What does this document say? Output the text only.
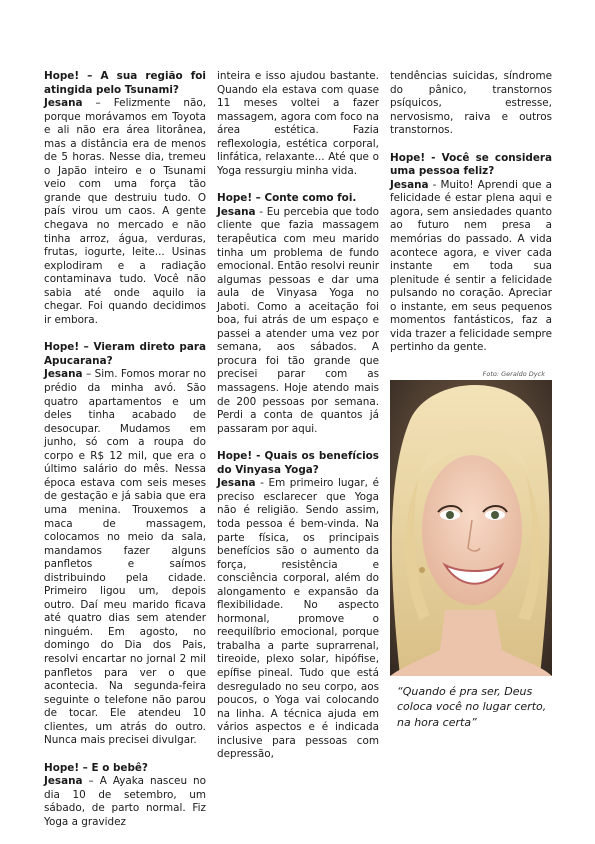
Hope! – A sua região foi atingida pelo Tsunami?

Jesana – Felizmente não, porque morávamos em Toyota e ali não era área litorânea, mas a distância era de menos de 5 horas. Nesse dia, tremeu o Japão inteiro e o Tsunami veio com uma força tão grande que destruiu tudo. O país virou um caos. A gente chegava no mercado e não tinha arroz, água, verduras, frutas, iogurte, leite... Usinas explodiram e a radiação contaminava tudo. Você não sabia até onde aquilo ia chegar. Foi quando decidimos ir embora.

Hope! – Vieram direto para Apucarana?

Jesana – Sim. Fomos morar no prédio da minha avó. São quatro apartamentos e um deles tinha acabado de desocupar. Mudamos em junho, só com a roupa do corpo e R$ 12 mil, que era o último salário do mês. Nessa época estava com seis meses de gestação e já sabia que era uma menina. Trouxemos a maca de massagem, colocamos no meio da sala, mandamos fazer alguns panfletos e saímos distribuindo pela cidade. Primeiro ligou um, depois outro. Daí meu marido ficava até quatro dias sem atender ninguém. Em agosto, no domingo do Dia dos Pais, resolvi encartar no jornal 2 mil panfletos para ver o que acontecia. Na segunda-feira seguinte o telefone não parou de tocar. Ele atendeu 10 clientes, um atrás do outro. Nunca mais precisei divulgar.

Hope! – E o bebê?

Jesana – A Ayaka nasceu no dia 10 de setembro, um sábado, de parto normal. Fiz Yoga a gravidez

inteira e isso ajudou bastante. Quando ela estava com quase 11 meses voltei a fazer massagem, agora com foco na área estética. Fazia reflexologia, estética corporal, linfática, relaxante... Até que o Yoga ressurgiu minha vida.

Hope! – Conte como foi.

Jesana - Eu percebia que todo cliente que fazia massagem terapêutica com meu marido tinha um problema de fundo emocional. Então resolvi reunir algumas pessoas e dar uma aula de Vinyasa Yoga no Jaboti. Como a aceitação foi boa, fui atrás de um espaço e passei a atender uma vez por semana, aos sábados. A procura foi tão grande que precisei parar com as massagens. Hoje atendo mais de 200 pessoas por semana. Perdi a conta de quantos já passaram por aqui.

Hope! - Quais os benefícios do Vinyasa Yoga?

Jesana - Em primeiro lugar, é preciso esclarecer que Yoga não é religião. Sendo assim, toda pessoa é bem-vinda. Na parte física, os principais benefícios são o aumento da força, resistência e consciência corporal, além do alongamento e expansão da flexibilidade. No aspecto hormonal, promove o reequilíbrio emocional, porque trabalha a parte suprarrenal, tireoide, plexo solar, hipófise, epífise pineal. Tudo que está desregulado no seu corpo, aos poucos, o Yoga vai colocando na linha. A técnica ajuda em vários aspectos e é indicada inclusive para pessoas com depressão,

tendências suicidas, síndrome do pânico, transtornos psíquicos, estresse, nervosismo, raiva e outros transtornos.

Hope! - Você se considera uma pessoa feliz?

Jesana - Muito! Aprendi que a felicidade é estar plena aqui e agora, sem ansiedades quanto ao futuro nem presa a memórias do passado. A vida acontece agora, e viver cada instante em toda sua plenitude é sentir a felicidade pulsando no coração. Apreciar o instante, em seus pequenos momentos fantásticos, faz a vida trazer a felicidade sempre pertinho da gente.

Foto: Geraldo Dyck
“Quando é pra ser, Deus coloca você no lugar certo, na hora certa”
